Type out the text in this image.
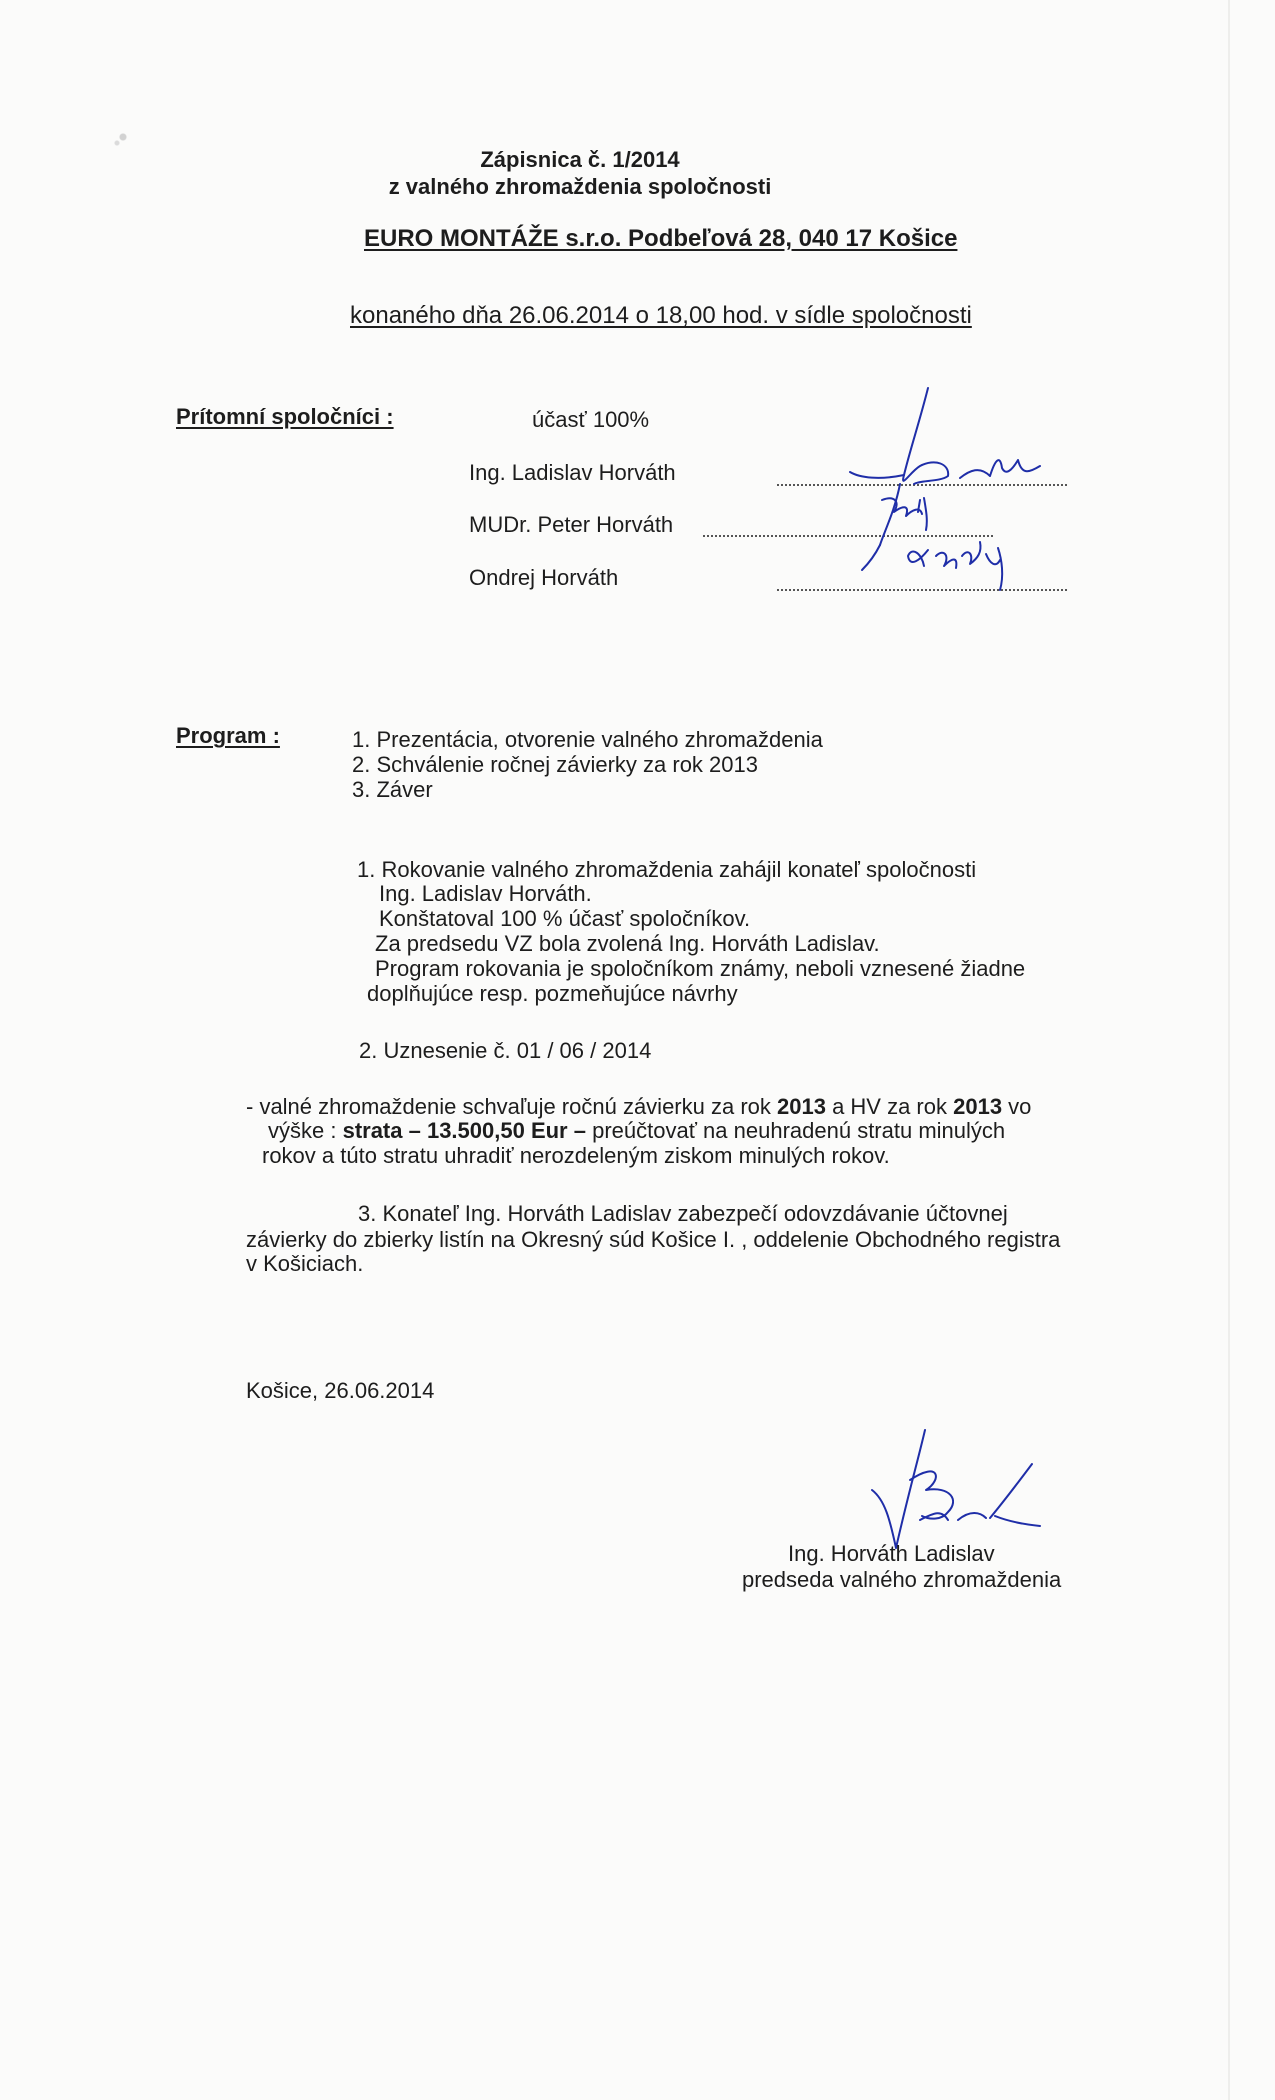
Zápisnica č. 1/2014
z valného zhromaždenia spoločnosti
EURO MONTÁŽE s.r.o. Podbeľová 28, 040 17 Košice
konaného dňa 26.06.2014 o 18,00 hod. v sídle spoločnosti
Prítomní spoločníci :	účasť 100%
Ing. Ladislav Horváth
MUDr. Peter Horváth
Ondrej Horváth
Program :	1. Prezentácia, otvorenie valného zhromaždenia
2. Schválenie ročnej závierky za rok 2013
3. Záver
1. Rokovanie valného zhromaždenia zahájil konateľ spoločnosti
Ing. Ladislav Horváth.
Konštatoval 100 % účasť spoločníkov.
Za predsedu VZ bola zvolená Ing. Horváth Ladislav.
Program rokovania je spoločníkom známy, neboli vznesené žiadne
doplňujúce resp. pozmeňujúce návrhy
2. Uznesenie č. 01 / 06 / 2014
- valné zhromaždenie schvaľuje ročnú závierku za rok 2013 a HV za rok 2013 vo
výške : strata – 13.500,50 Eur – preúčtovať na neuhradenú stratu minulých
rokov a túto stratu uhradiť nerozdeleným ziskom minulých rokov.
3. Konateľ Ing. Horváth Ladislav zabezpečí odovzdávanie účtovnej
závierky do zbierky listín na Okresný súd Košice I. , oddelenie Obchodného registra
v Košiciach.
Košice, 26.06.2014
Ing. Horváth Ladislav
predseda valného zhromaždenia
